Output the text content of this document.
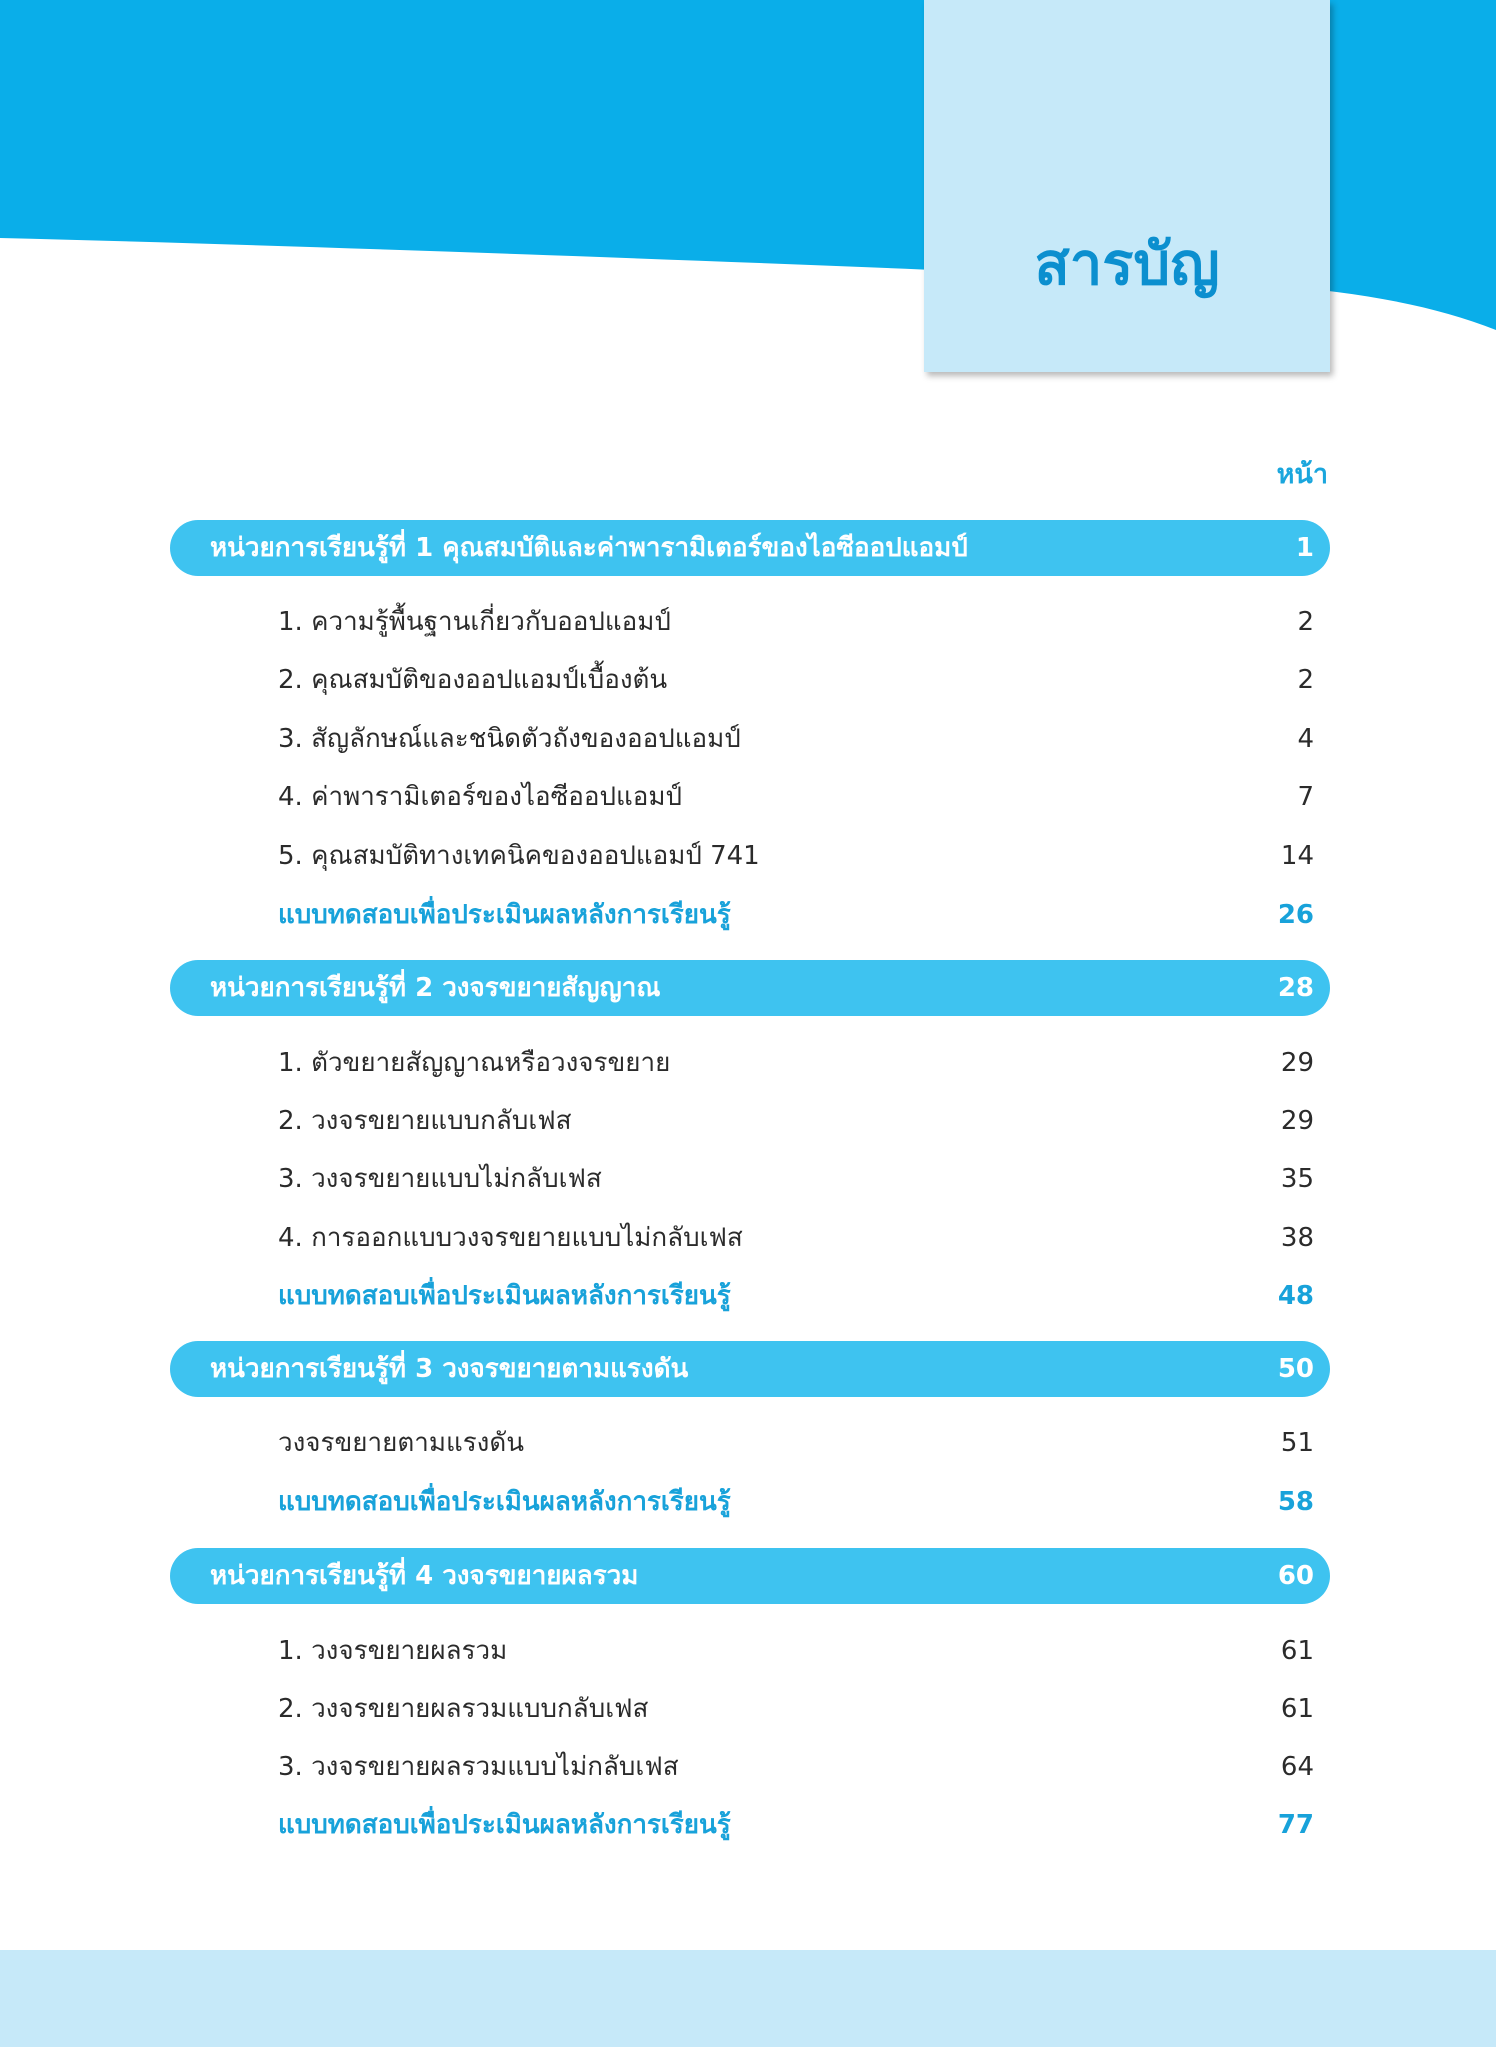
สารบัญ
หน้า
หน่วยการเรียนรู้ที่ 1 คุณสมบัติและค่าพารามิเตอร์ของไอซีออปแอมป์	1
1. ความรู้พื้นฐานเกี่ยวกับออปแอมป์	2
2. คุณสมบัติของออปแอมป์เบื้องต้น	2
3. สัญลักษณ์และชนิดตัวถังของออปแอมป์	4
4. ค่าพารามิเตอร์ของไอซีออปแอมป์	7
5. คุณสมบัติทางเทคนิคของออปแอมป์ 741	14
แบบทดสอบเพื่อประเมินผลหลังการเรียนรู้	26
หน่วยการเรียนรู้ที่ 2 วงจรขยายสัญญาณ	28
1. ตัวขยายสัญญาณหรือวงจรขยาย	29
2. วงจรขยายแบบกลับเฟส	29
3. วงจรขยายแบบไม่กลับเฟส	35
4. การออกแบบวงจรขยายแบบไม่กลับเฟส	38
แบบทดสอบเพื่อประเมินผลหลังการเรียนรู้	48
หน่วยการเรียนรู้ที่ 3 วงจรขยายตามแรงดัน	50
วงจรขยายตามแรงดัน	51
แบบทดสอบเพื่อประเมินผลหลังการเรียนรู้	58
หน่วยการเรียนรู้ที่ 4 วงจรขยายผลรวม	60
1. วงจรขยายผลรวม	61
2. วงจรขยายผลรวมแบบกลับเฟส	61
3. วงจรขยายผลรวมแบบไม่กลับเฟส	64
แบบทดสอบเพื่อประเมินผลหลังการเรียนรู้	77
